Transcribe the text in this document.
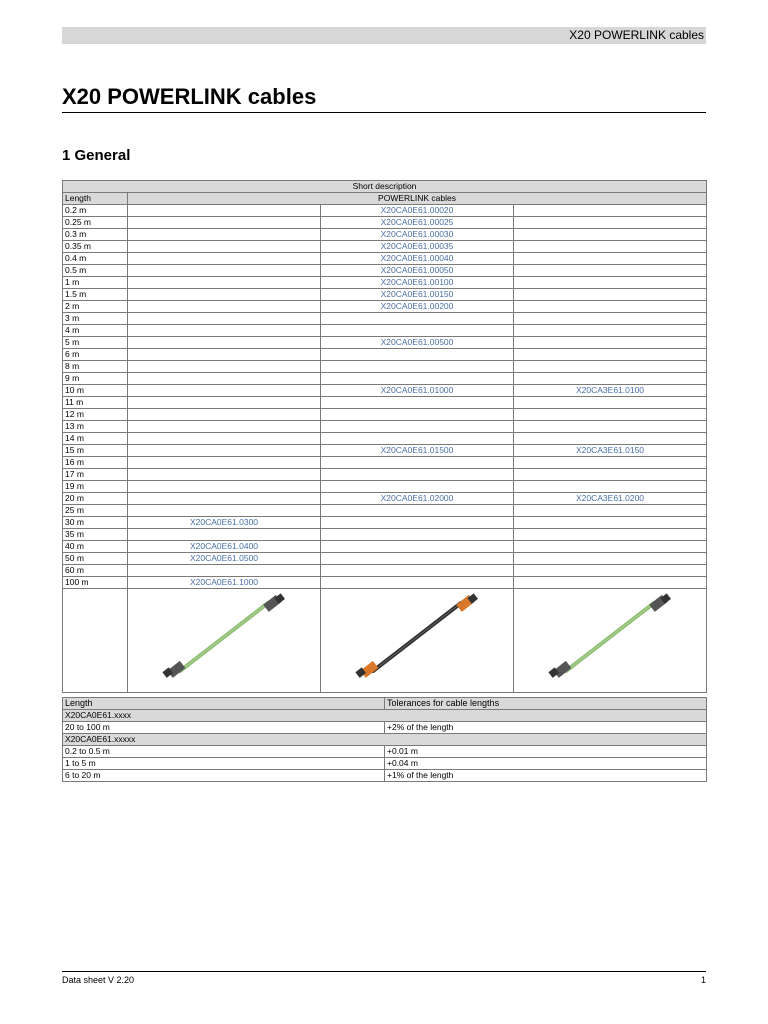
X20 POWERLINK cables
X20 POWERLINK cables
1 General
Short description			
Length	POWERLINK cables		
0.2 m		X20CA0E61.00020	
0.25 m		X20CA0E61.00025	
0.3 m		X20CA0E61.00030	
0.35 m		X20CA0E61.00035	
0.4 m		X20CA0E61.00040	
0.5 m		X20CA0E61.00050	
1 m		X20CA0E61.00100	
1.5 m		X20CA0E61.00150	
2 m		X20CA0E61.00200	
3 m			
4 m			
5 m		X20CA0E61.00500	
6 m			
8 m			
9 m			
10 m		X20CA0E61.01000	X20CA3E61.0100
11 m			
12 m			
13 m			
14 m			
15 m		X20CA0E61.01500	X20CA3E61.0150
16 m			
17 m			
19 m			
20 m		X20CA0E61.02000	X20CA3E61.0200
25 m			
30 m	X20CA0E61.0300		
35 m			
40 m	X20CA0E61.0400		
50 m	X20CA0E61.0500		
60 m			
100 m	X20CA0E61.1000		

Length	Tolerances for cable lengths
X20CA0E61.xxxx	
20 to 100 m	+2% of the length
X20CA0E61.xxxxx	
0.2 to 0.5 m	+0.01 m
1 to 5 m	+0.04 m
6 to 20 m	+1% of the length
Data sheet V 2.20	1
